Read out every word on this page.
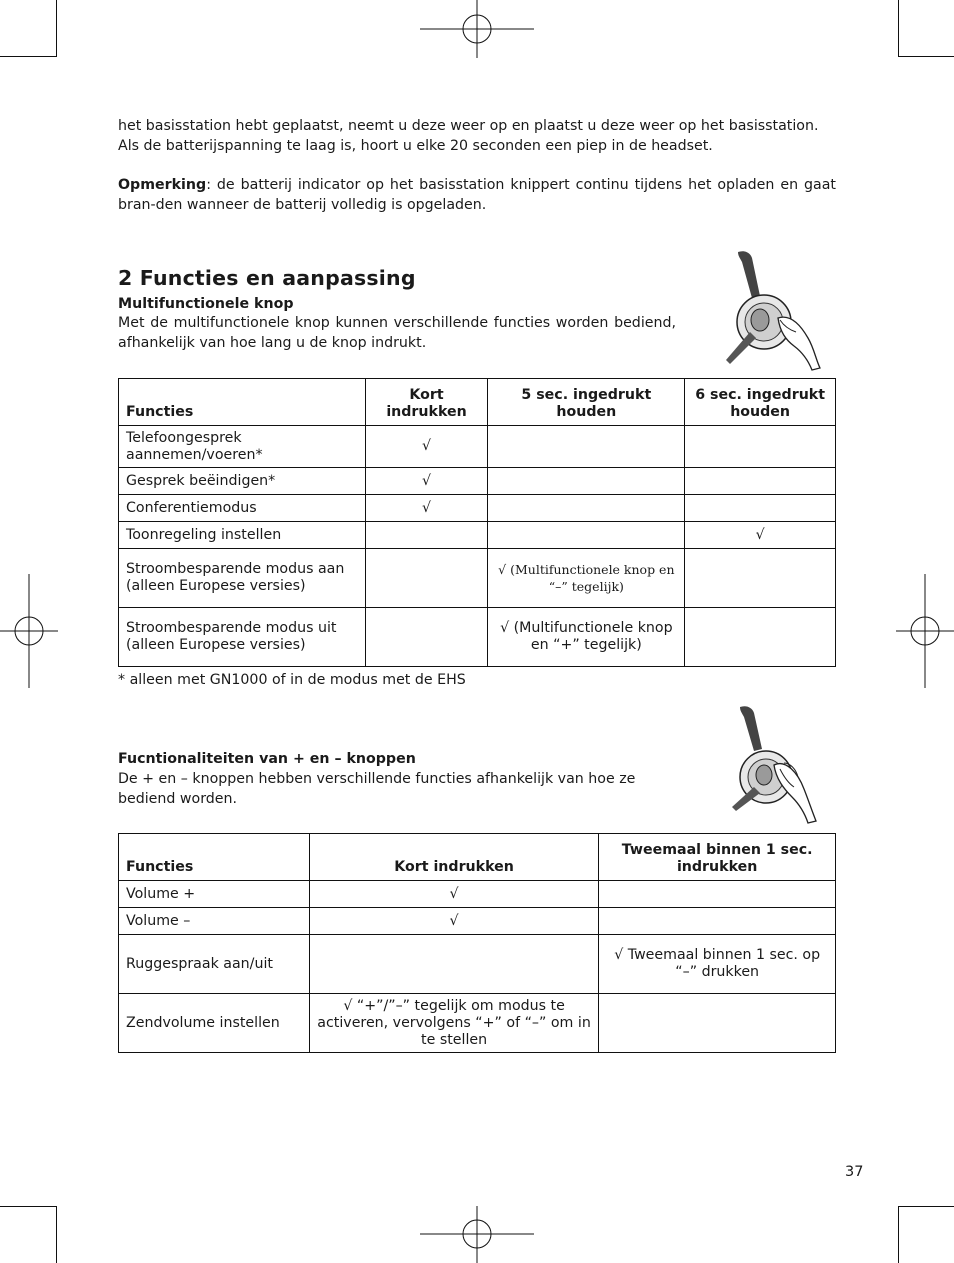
het basisstation hebt geplaatst, neemt u deze weer op en plaatst u deze weer op het basisstation.
Als de batterijspanning te laag is, hoort u elke 20 seconden een piep in de headset.

Opmerking: de batterij indicator op het basisstation knippert continu tijdens het opladen en gaat bran-den wanneer de batterij volledig is opgeladen.

2 Functies en aanpassing

Multifunctionele knop

Met de multifunctionele knop kunnen verschillende functies worden bediend, afhankelijk van hoe lang u de knop indrukt.

Functies	Kort indrukken	5 sec. ingedrukt houden	6 sec. ingedrukt houden
Telefoongesprek aannemen/voeren*	√		
Gesprek beëindigen*	√		
Conferentiemodus	√		
Toonregeling instellen			√
Stroombesparende modus aan (alleen Europese versies)		√ (Multifunctionele knop en “–” tegelijk)	
Stroombesparende modus uit (alleen Europese versies)		√ (Multifunctionele knop en “+” tegelijk)	

* alleen met GN1000 of in de modus met de EHS

Fucntionaliteiten van + en – knoppen

De + en – knoppen hebben verschillende functies afhankelijk van hoe ze bediend worden.

Functies	Kort indrukken	Tweemaal binnen 1 sec. indrukken
Volume +	√	
Volume –	√	
Ruggespraak aan/uit		√ Tweemaal binnen 1 sec. op “–” drukken
Zendvolume instellen	√ “+”/”–” tegelijk om modus te activeren, vervolgens “+” of “–” om in te stellen	
37
